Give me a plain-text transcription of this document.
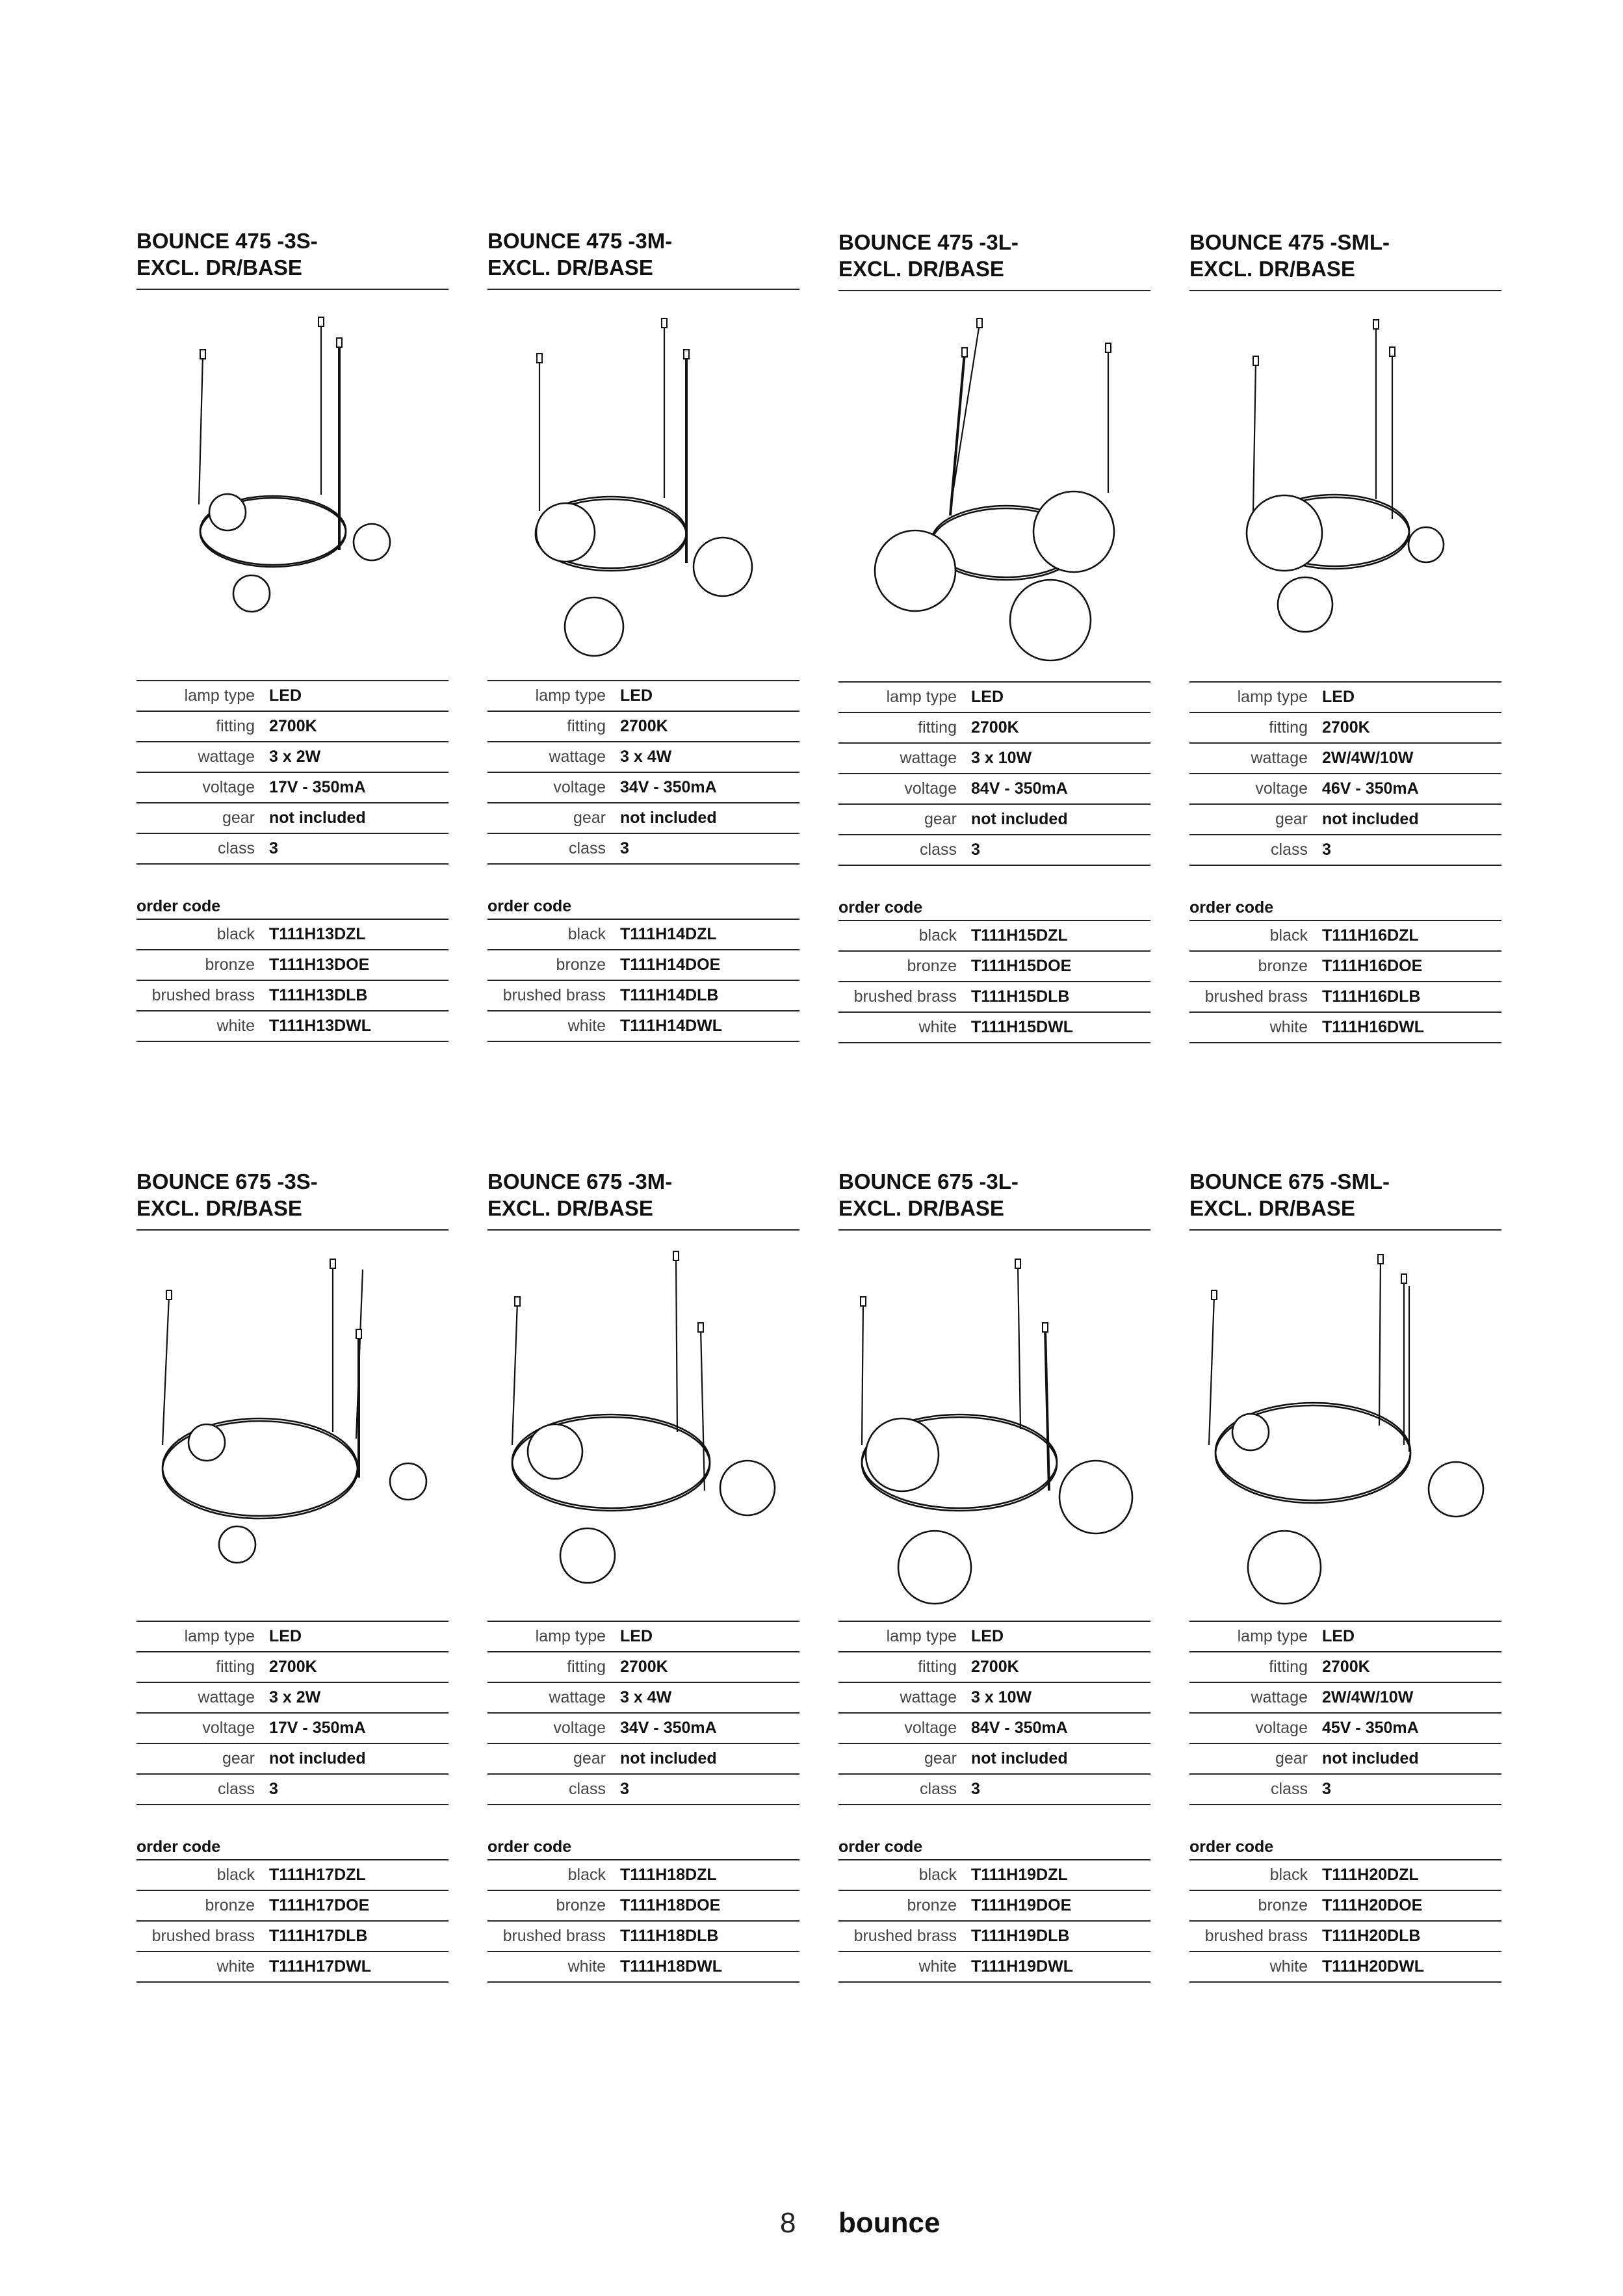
BOUNCE 475 -3S-
EXCL. DR/BASE
lamp type LED
fitting 2700K
wattage 3 x 2W
voltage 17V - 350mA
gear not included
class 3
order code
black T111H13DZL
bronze T111H13DOE
brushed brass T111H13DLB
white T111H13DWL
BOUNCE 475 -3M-
EXCL. DR/BASE
lamp type LED
fitting 2700K
wattage 3 x 4W
voltage 34V - 350mA
gear not included
class 3
order code
black T111H14DZL
bronze T111H14DOE
brushed brass T111H14DLB
white T111H14DWL
BOUNCE 475 -3L-
EXCL. DR/BASE
lamp type LED
fitting 2700K
wattage 3 x 10W
voltage 84V - 350mA
gear not included
class 3
order code
black T111H15DZL
bronze T111H15DOE
brushed brass T111H15DLB
white T111H15DWL
BOUNCE 475 -SML-
EXCL. DR/BASE
lamp type LED
fitting 2700K
wattage 2W/4W/10W
voltage 46V - 350mA
gear not included
class 3
order code
black T111H16DZL
bronze T111H16DOE
brushed brass T111H16DLB
white T111H16DWL
BOUNCE 675 -3S-
EXCL. DR/BASE
lamp type LED
fitting 2700K
wattage 3 x 2W
voltage 17V - 350mA
gear not included
class 3
order code
black T111H17DZL
bronze T111H17DOE
brushed brass T111H17DLB
white T111H17DWL
BOUNCE 675 -3M-
EXCL. DR/BASE
lamp type LED
fitting 2700K
wattage 3 x 4W
voltage 34V - 350mA
gear not included
class 3
order code
black T111H18DZL
bronze T111H18DOE
brushed brass T111H18DLB
white T111H18DWL
BOUNCE 675 -3L-
EXCL. DR/BASE
lamp type LED
fitting 2700K
wattage 3 x 10W
voltage 84V - 350mA
gear not included
class 3
order code
black T111H19DZL
bronze T111H19DOE
brushed brass T111H19DLB
white T111H19DWL
BOUNCE 675 -SML-
EXCL. DR/BASE
lamp type LED
fitting 2700K
wattage 2W/4W/10W
voltage 45V - 350mA
gear not included
class 3
order code
black T111H20DZL
bronze T111H20DOE
brushed brass T111H20DLB
white T111H20DWL
8 bounce
